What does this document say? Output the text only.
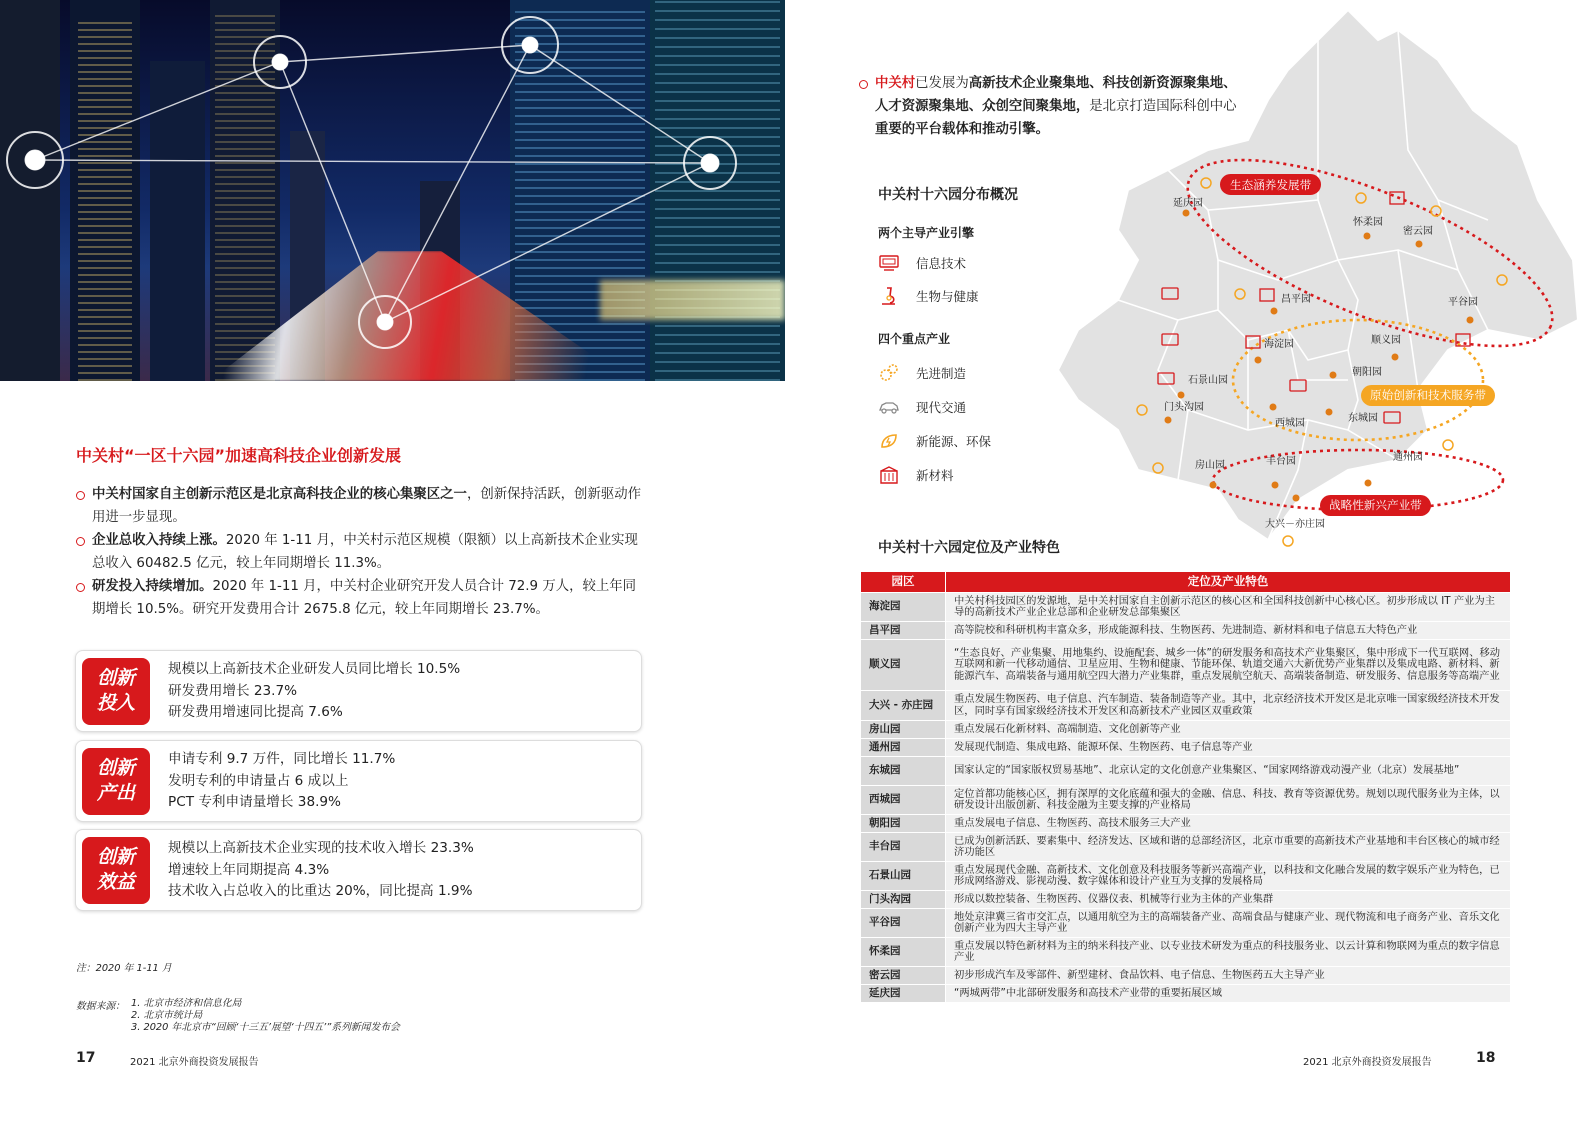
中关村“一区十六园”加速高科技企业创新发展
中关村国家自主创新示范区是北京高科技企业的核心集聚区之一，创新保持活跃，创新驱动作用进一步显现。
企业总收入持续上涨。2020 年 1-11 月，中关村示范区规模（限额）以上高新技术企业实现总收入 60482.5 亿元，较上年同期增长 11.3%。
研发投入持续增加。2020 年 1-11 月，中关村企业研究开发人员合计 72.9 万人，较上年同期增长 10.5%。研究开发费用合计 2675.8 亿元，较上年同期增长 23.7%。
创新
投入
规模以上高新技术企业研发人员同比增长 10.5%
研发费用增长 23.7%
研发费用增速同比提高 7.6%
创新
产出
申请专利 9.7 万件，同比增长 11.7%
发明专利的申请量占 6 成以上
PCT 专利申请量增长 38.9%
创新
效益
规模以上高新技术企业实现的技术收入增长 23.3%
增速较上年同期提高 4.3%
技术收入占总收入的比重达 20%，同比提高 1.9%
注：2020 年 1-11 月
数据来源： 1. 北京市经济和信息化局
2. 北京市统计局
3. 2020 年北京市“回顾‘十三五’展望‘十四五’”系列新闻发布会
17	2021 北京外商投资发展报告
延庆园
怀柔园
密云园
昌平园	平谷园
海淀园	顺义园
石景山园
朝阳园
门头沟园
西城园	东城园
房山园	丰台园	通州园
大兴－亦庄园
生态涵养发展带
原始创新和技术服务带
战略性新兴产业带
中关村已发展为高新技术企业聚集地、科技创新资源聚集地、人才资源聚集地、众创空间聚集地，是北京打造国际科创中心重要的平台载体和推动引擎。
中关村十六园分布概况
两个主导产业引擎
信息技术
生物与健康
四个重点产业
先进制造
现代交通
新能源、环保
新材料
中关村十六园定位及产业特色
园区	定位及产业特色
海淀园	中关村科技园区的发源地，是中关村国家自主创新示范区的核心区和全国科技创新中心核心区。初步形成以 IT 产业为主导的高新技术产业企业总部和企业研发总部集聚区
昌平园	高等院校和科研机构丰富众多，形成能源科技、生物医药、先进制造、新材料和电子信息五大特色产业
顺义园	“生态良好、产业集聚、用地集约、设施配套、城乡一体”的研发服务和高技术产业集聚区，集中形成下一代互联网、移动互联网和新一代移动通信、卫星应用、生物和健康、节能环保、轨道交通六大新优势产业集群以及集成电路、新材料、新能源汽车、高端装备与通用航空四大潜力产业集群，重点发展航空航天、高端装备制造、研发服务、信息服务等高端产业
大兴 - 亦庄园	重点发展生物医药、电子信息、汽车制造、装备制造等产业。其中，北京经济技术开发区是北京唯一国家级经济技术开发区，同时享有国家级经济技术开发区和高新技术产业园区双重政策
房山园	重点发展石化新材料、高端制造、文化创新等产业
通州园	发展现代制造、集成电路、能源环保、生物医药、电子信息等产业
东城园	国家认定的“国家版权贸易基地”、北京认定的文化创意产业集聚区、“国家网络游戏动漫产业（北京）发展基地”
西城园	定位首都功能核心区，拥有深厚的文化底蕴和强大的金融、信息、科技、教育等资源优势。规划以现代服务业为主体，以研发设计出版创新、科技金融为主要支撑的产业格局
朝阳园	重点发展电子信息、生物医药、高技术服务三大产业
丰台园	已成为创新活跃、要素集中、经济发达、区域和谐的总部经济区，北京市重要的高新技术产业基地和丰台区核心的城市经济功能区
石景山园	重点发展现代金融、高新技术、文化创意及科技服务等新兴高端产业，以科技和文化融合发展的数字娱乐产业为特色，已形成网络游戏、影视动漫、数字媒体和设计产业互为支撑的发展格局
门头沟园	形成以数控装备、生物医药、仪器仪表、机械等行业为主体的产业集群
平谷园	地处京津冀三省市交汇点，以通用航空为主的高端装备产业、高端食品与健康产业、现代物流和电子商务产业、音乐文化创新产业为四大主导产业
怀柔园	重点发展以特色新材料为主的纳米科技产业、以专业技术研发为重点的科技服务业、以云计算和物联网为重点的数字信息产业
密云园	初步形成汽车及零部件、新型建材、食品饮料、电子信息、生物医药五大主导产业
延庆园	“两城两带”中北部研发服务和高技术产业带的重要拓展区域
2021 北京外商投资发展报告	18
